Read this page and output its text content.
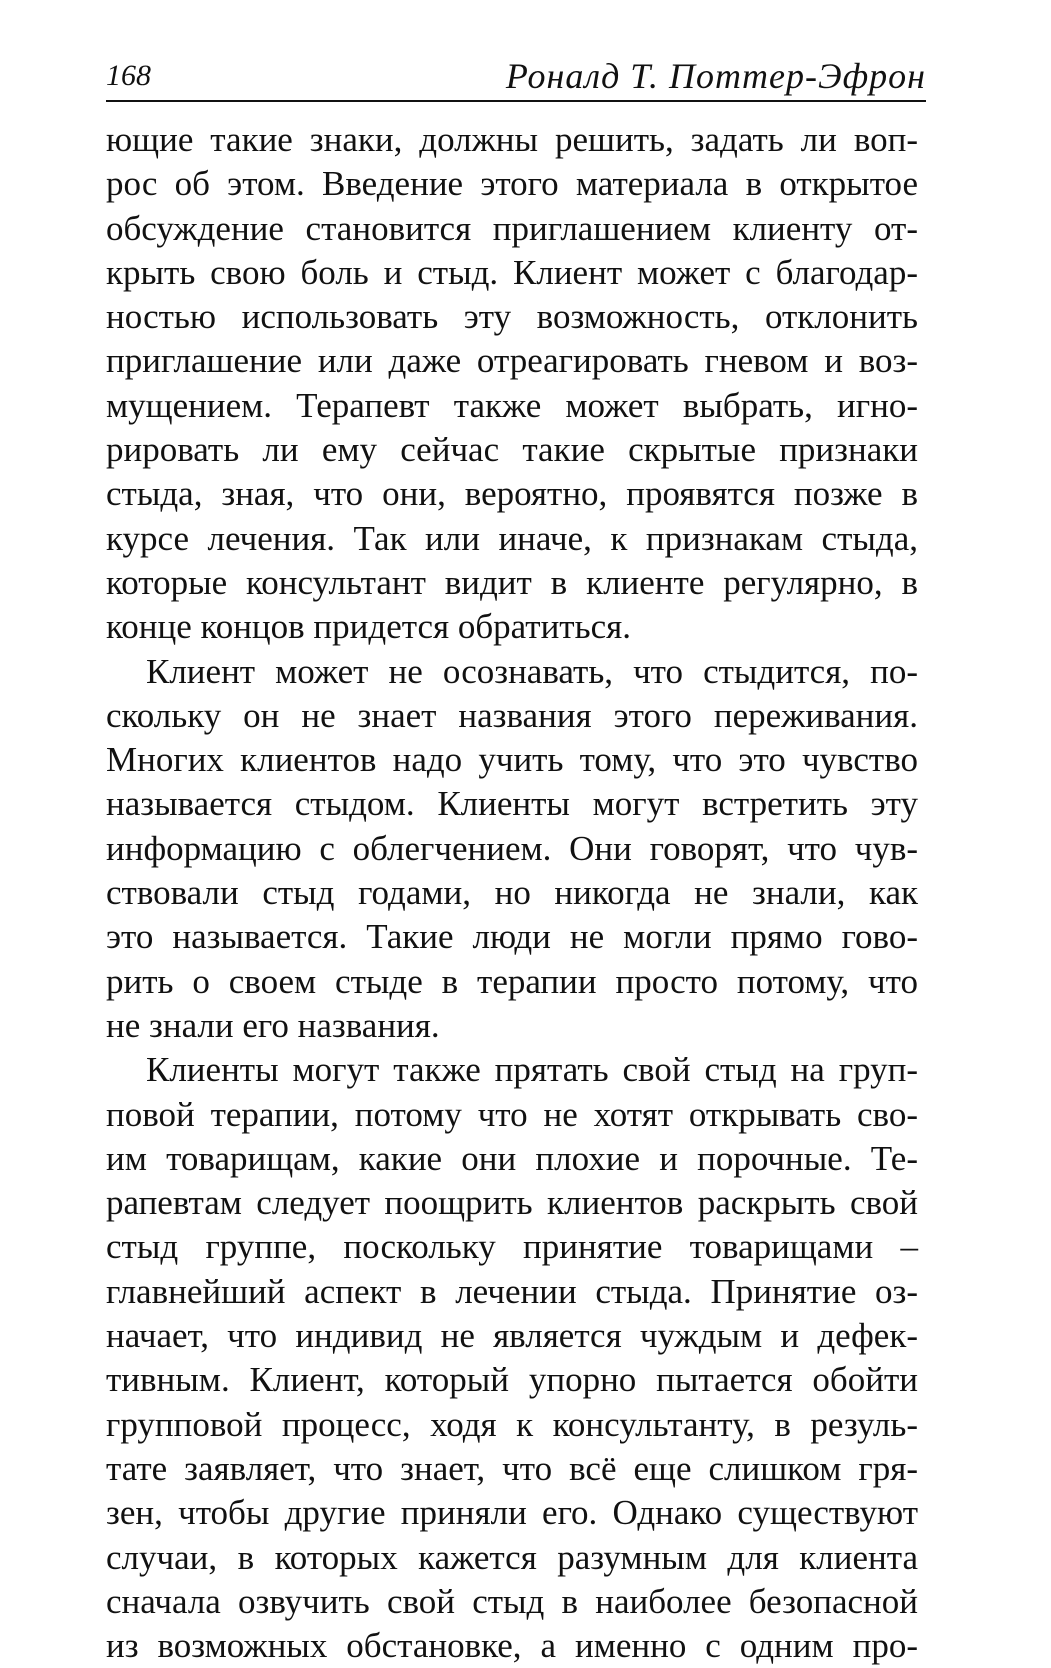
168	Роналд Т. Поттер-Эфрон
ющие такие знаки, должны решить, задать ли воп-
рос об этом. Введение этого материала в открытое
обсуждение становится приглашением клиенту от-
крыть свою боль и стыд. Клиент может с благодар-
ностью использовать эту возможность, отклонить
приглашение или даже отреагировать гневом и воз-
мущением. Терапевт также может выбрать, игно-
рировать ли ему сейчас такие скрытые признаки
стыда, зная, что они, вероятно, проявятся позже в
курсе лечения. Так или иначе, к признакам стыда,
которые консультант видит в клиенте регулярно, в
конце концов придется обратиться.
Клиент может не осознавать, что стыдится, по-
скольку он не знает названия этого переживания.
Многих клиентов надо учить тому, что это чувство
называется стыдом. Клиенты могут встретить эту
информацию с облегчением. Они говорят, что чув-
ствовали стыд годами, но никогда не знали, как
это называется. Такие люди не могли прямо гово-
рить о своем стыде в терапии просто потому, что
не знали его названия.
Клиенты могут также прятать свой стыд на груп-
повой терапии, потому что не хотят открывать сво-
им товарищам, какие они плохие и порочные. Те-
рапевтам следует поощрить клиентов раскрыть свой
стыд группе, поскольку принятие товарищами –
главнейший аспект в лечении стыда. Принятие оз-
начает, что индивид не является чуждым и дефек-
тивным. Клиент, который упорно пытается обойти
групповой процесс, ходя к консультанту, в резуль-
тате заявляет, что знает, что всё еще слишком гря-
зен, чтобы другие приняли его. Однако существуют
случаи, в которых кажется разумным для клиента
сначала озвучить свой стыд в наиболее безопасной
из возможных обстановке, а именно с одним про-
